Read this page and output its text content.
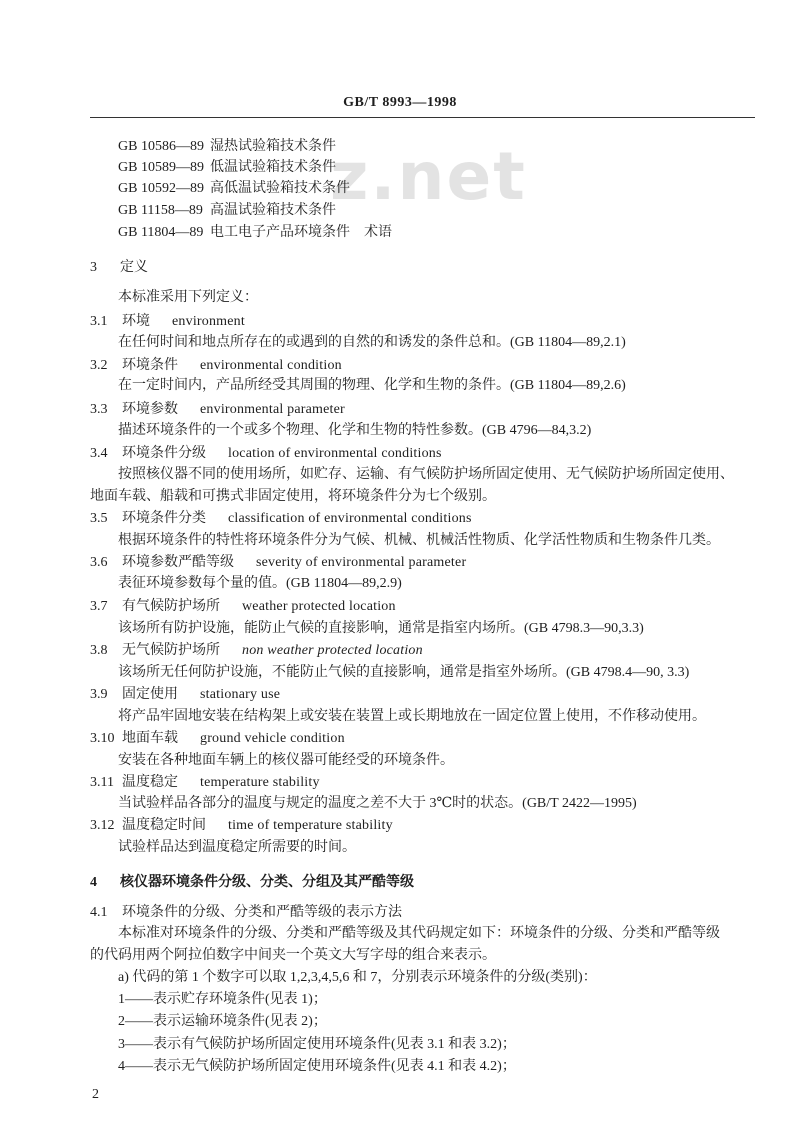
GB/T 8993—1998
z.net
GB 10586—89 湿热试验箱技术条件
GB 10589—89 低温试验箱技术条件
GB 10592—89 高低温试验箱技术条件
GB 11158—89 高温试验箱技术条件
GB 11804—89 电工电子产品环境条件　术语
3 定义
本标准采用下列定义：
3.1 环境 environment
在任何时间和地点所存在的或遇到的自然的和诱发的条件总和。(GB 11804—89,2.1)
3.2 环境条件 environmental condition
在一定时间内，产品所经受其周围的物理、化学和生物的条件。(GB 11804—89,2.6)
3.3 环境参数 environmental parameter
描述环境条件的一个或多个物理、化学和生物的特性参数。(GB 4796—84,3.2)
3.4 环境条件分级 location of environmental conditions
按照核仪器不同的使用场所，如贮存、运输、有气候防护场所固定使用、无气候防护场所固定使用、
地面车载、船载和可携式非固定使用，将环境条件分为七个级别。
3.5 环境条件分类 classification of environmental conditions
根据环境条件的特性将环境条件分为气候、机械、机械活性物质、化学活性物质和生物条件几类。
3.6 环境参数严酷等级 severity of environmental parameter
表征环境参数每个量的值。(GB 11804—89,2.9)
3.7 有气候防护场所 weather protected location
该场所有防护设施，能防止气候的直接影响，通常是指室内场所。(GB 4798.3—90,3.3)
3.8 无气候防护场所 non weather protected location
该场所无任何防护设施，不能防止气候的直接影响，通常是指室外场所。(GB 4798.4—90, 3.3)
3.9 固定使用 stationary use
将产品牢固地安装在结构架上或安装在装置上或长期地放在一固定位置上使用，不作移动使用。
3.10 地面车载 ground vehicle condition
安装在各种地面车辆上的核仪器可能经受的环境条件。
3.11 温度稳定 temperature stability
当试验样品各部分的温度与规定的温度之差不大于 3℃时的状态。(GB/T 2422—1995)
3.12 温度稳定时间 time of temperature stability
试验样品达到温度稳定所需要的时间。
4 核仪器环境条件分级、分类、分组及其严酷等级
4.1 环境条件的分级、分类和严酷等级的表示方法
本标准对环境条件的分级、分类和严酷等级及其代码规定如下：环境条件的分级、分类和严酷等级
的代码用两个阿拉伯数字中间夹一个英文大写字母的组合来表示。
a) 代码的第 1 个数字可以取 1,2,3,4,5,6 和 7，分别表示环境条件的分级(类别)：
1——表示贮存环境条件(见表 1)；
2——表示运输环境条件(见表 2)；
3——表示有气候防护场所固定使用环境条件(见表 3.1 和表 3.2)；
4——表示无气候防护场所固定使用环境条件(见表 4.1 和表 4.2)；
2
